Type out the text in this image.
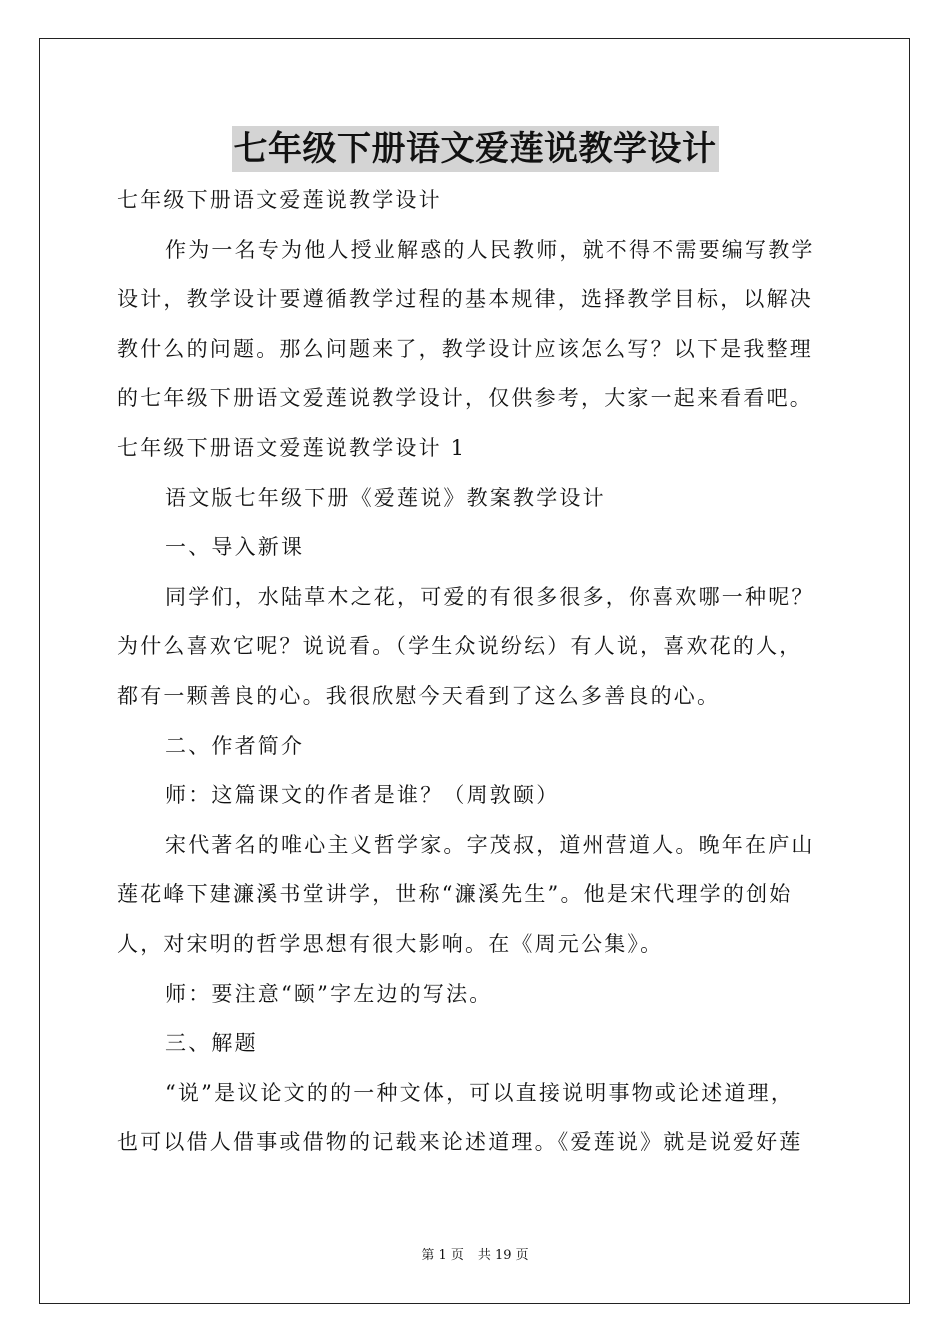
七年级下册语文爱莲说教学设计
七年级下册语文爱莲说教学设计
作为一名专为他人授业解惑的人民教师，就不得不需要编写教学
设计，教学设计要遵循教学过程的基本规律，选择教学目标，以解决
教什么的问题。那么问题来了，教学设计应该怎么写？以下是我整理
的七年级下册语文爱莲说教学设计，仅供参考，大家一起来看看吧。
七年级下册语文爱莲说教学设计 1
语文版七年级下册《爱莲说》教案教学设计
一、导入新课
同学们，水陆草木之花，可爱的有很多很多，你喜欢哪一种呢？
为什么喜欢它呢？说说看。（学生众说纷纭）有人说，喜欢花的人，
都有一颗善良的心。我很欣慰今天看到了这么多善良的心。
二、作者简介
师：这篇课文的作者是谁？（周敦颐）
宋代著名的唯心主义哲学家。字茂叔，道州营道人。晚年在庐山
莲花峰下建濂溪书堂讲学，世称“濂溪先生”。他是宋代理学的创始
人，对宋明的哲学思想有很大影响。在《周元公集》。
师：要注意“颐”字左边的写法。
三、解题
“说”是议论文的的一种文体，可以直接说明事物或论述道理，
也可以借人借事或借物的记载来论述道理。《爱莲说》就是说爱好莲
第 1 页 共 19 页
